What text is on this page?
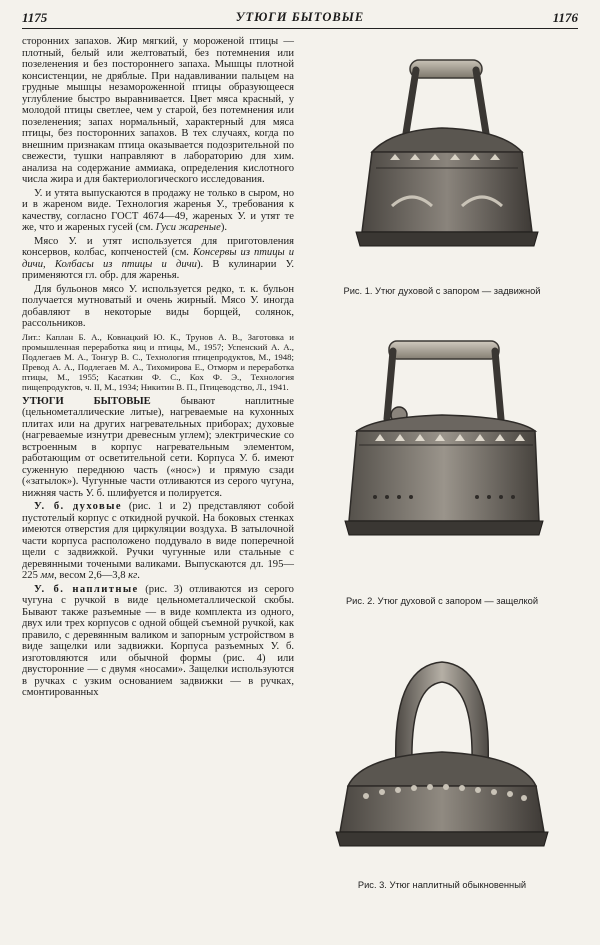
1175	УТЮГИ БЫТОВЫЕ	1176

сторонних запахов. Жир мягкий, у мороженой птицы — плотный, белый или желтоватый, без потемнения или позеленения и без постороннего запаха. Мышцы плотной консистенции, не дряблые. При надавливании пальцем на грудные мышцы незамороженной птицы образующееся углубление быстро выравнивается. Цвет мяса красный, у молодой птицы светлее, чем у старой, без потемнения или позеленения; запах нормальный, характерный для мяса птицы, без посторонних запахов. В тех случаях, когда по внешним признакам птица оказывается подозрительной по свежести, тушки направляют в лабораторию для хим. анализа на содержание аммиака, определения кислотного числа жира и для бактериологического исследования.

У. и утята выпускаются в продажу не только в сыром, но и в жареном виде. Технология жаренья У., требования к качеству, согласно ГОСТ 4674—49, жареных У. и утят те же, что и жареных гусей (см. Гуси жареные).

Мясо У. и утят используется для приготовления консервов, колбас, копченостей (см. Консервы из птицы и дичи, Колбасы из птицы и дичи). В кулинарии У. применяются гл. обр. для жаренья.

Для бульонов мясо У. используется редко, т. к. бульон получается мутноватый и очень жирный. Мясо У. иногда добавляют в некоторые виды борщей, солянок, рассольников.

Лит.: Каплан Б. А., Ковнацкий Ю. К., Трунов А. В., Заготовка и промышленная переработка яиц и птицы, М., 1957; Успенский А. А., Подлегаев М. А., Тонгур В. С., Технология птицепродуктов, М., 1948; Превод А. А., Подлегаев М. А., Тихомирова Е., Отморм и переработка птицы, М., 1955; Касаткин Ф. С., Кох Ф. Э., Технология пищепродуктов, ч. II, М., 1934; Никитин В. П., Птицеводство, Л., 1941.

УТЮГИ БЫТОВЫЕ	бывают наплитные (цельнометаллические литые), нагреваемые на кухонных плитах или на других нагревательных приборах; духовые (нагреваемые изнутри древесным углем); электрические со встроенным в корпус нагревательным элементом, работающим от осветительной сети. Корпуса У. б. имеют суженную переднюю часть («нос») и прямую сзади («затылок»). Чугунные части отливаются из серого чугуна, нижняя часть У. б. шлифуется и полируется.

У. б. духовые (рис. 1 и 2) представляют собой пустотелый корпус с откидной ручкой. На боковых стенках имеются отверстия для циркуляции воздуха. В затылочной части корпуса расположено поддувало в виде поперечной щели с задвижкой. Ручки чугунные или стальные с деревянными точеными валиками. Выпускаются дл. 195—225 мм, весом 2,6—3,8 кг.

У. б. наплитные (рис. 3) отливаются из серого чугуна с ручкой в виде цельнометаллической скобы. Бывают также разъемные — в виде комплекта из одного, двух или трех корпусов с одной общей съемной ручкой, как правило, с деревянным валиком и запорным устройством в виде защелки или задвижки. Корпуса разъемных У. б. изготовляются или обычной формы (рис. 4) или двусторонние — с двумя «носами». Защелки используются в ручках с узким основанием задвижки — в ручках, смонтированных

Рис. 1. Утюг духовой с запором — задвижной
Рис. 2. Утюг духовой с запором — защелкой
Рис. 3. Утюг наплитный обыкновенный
